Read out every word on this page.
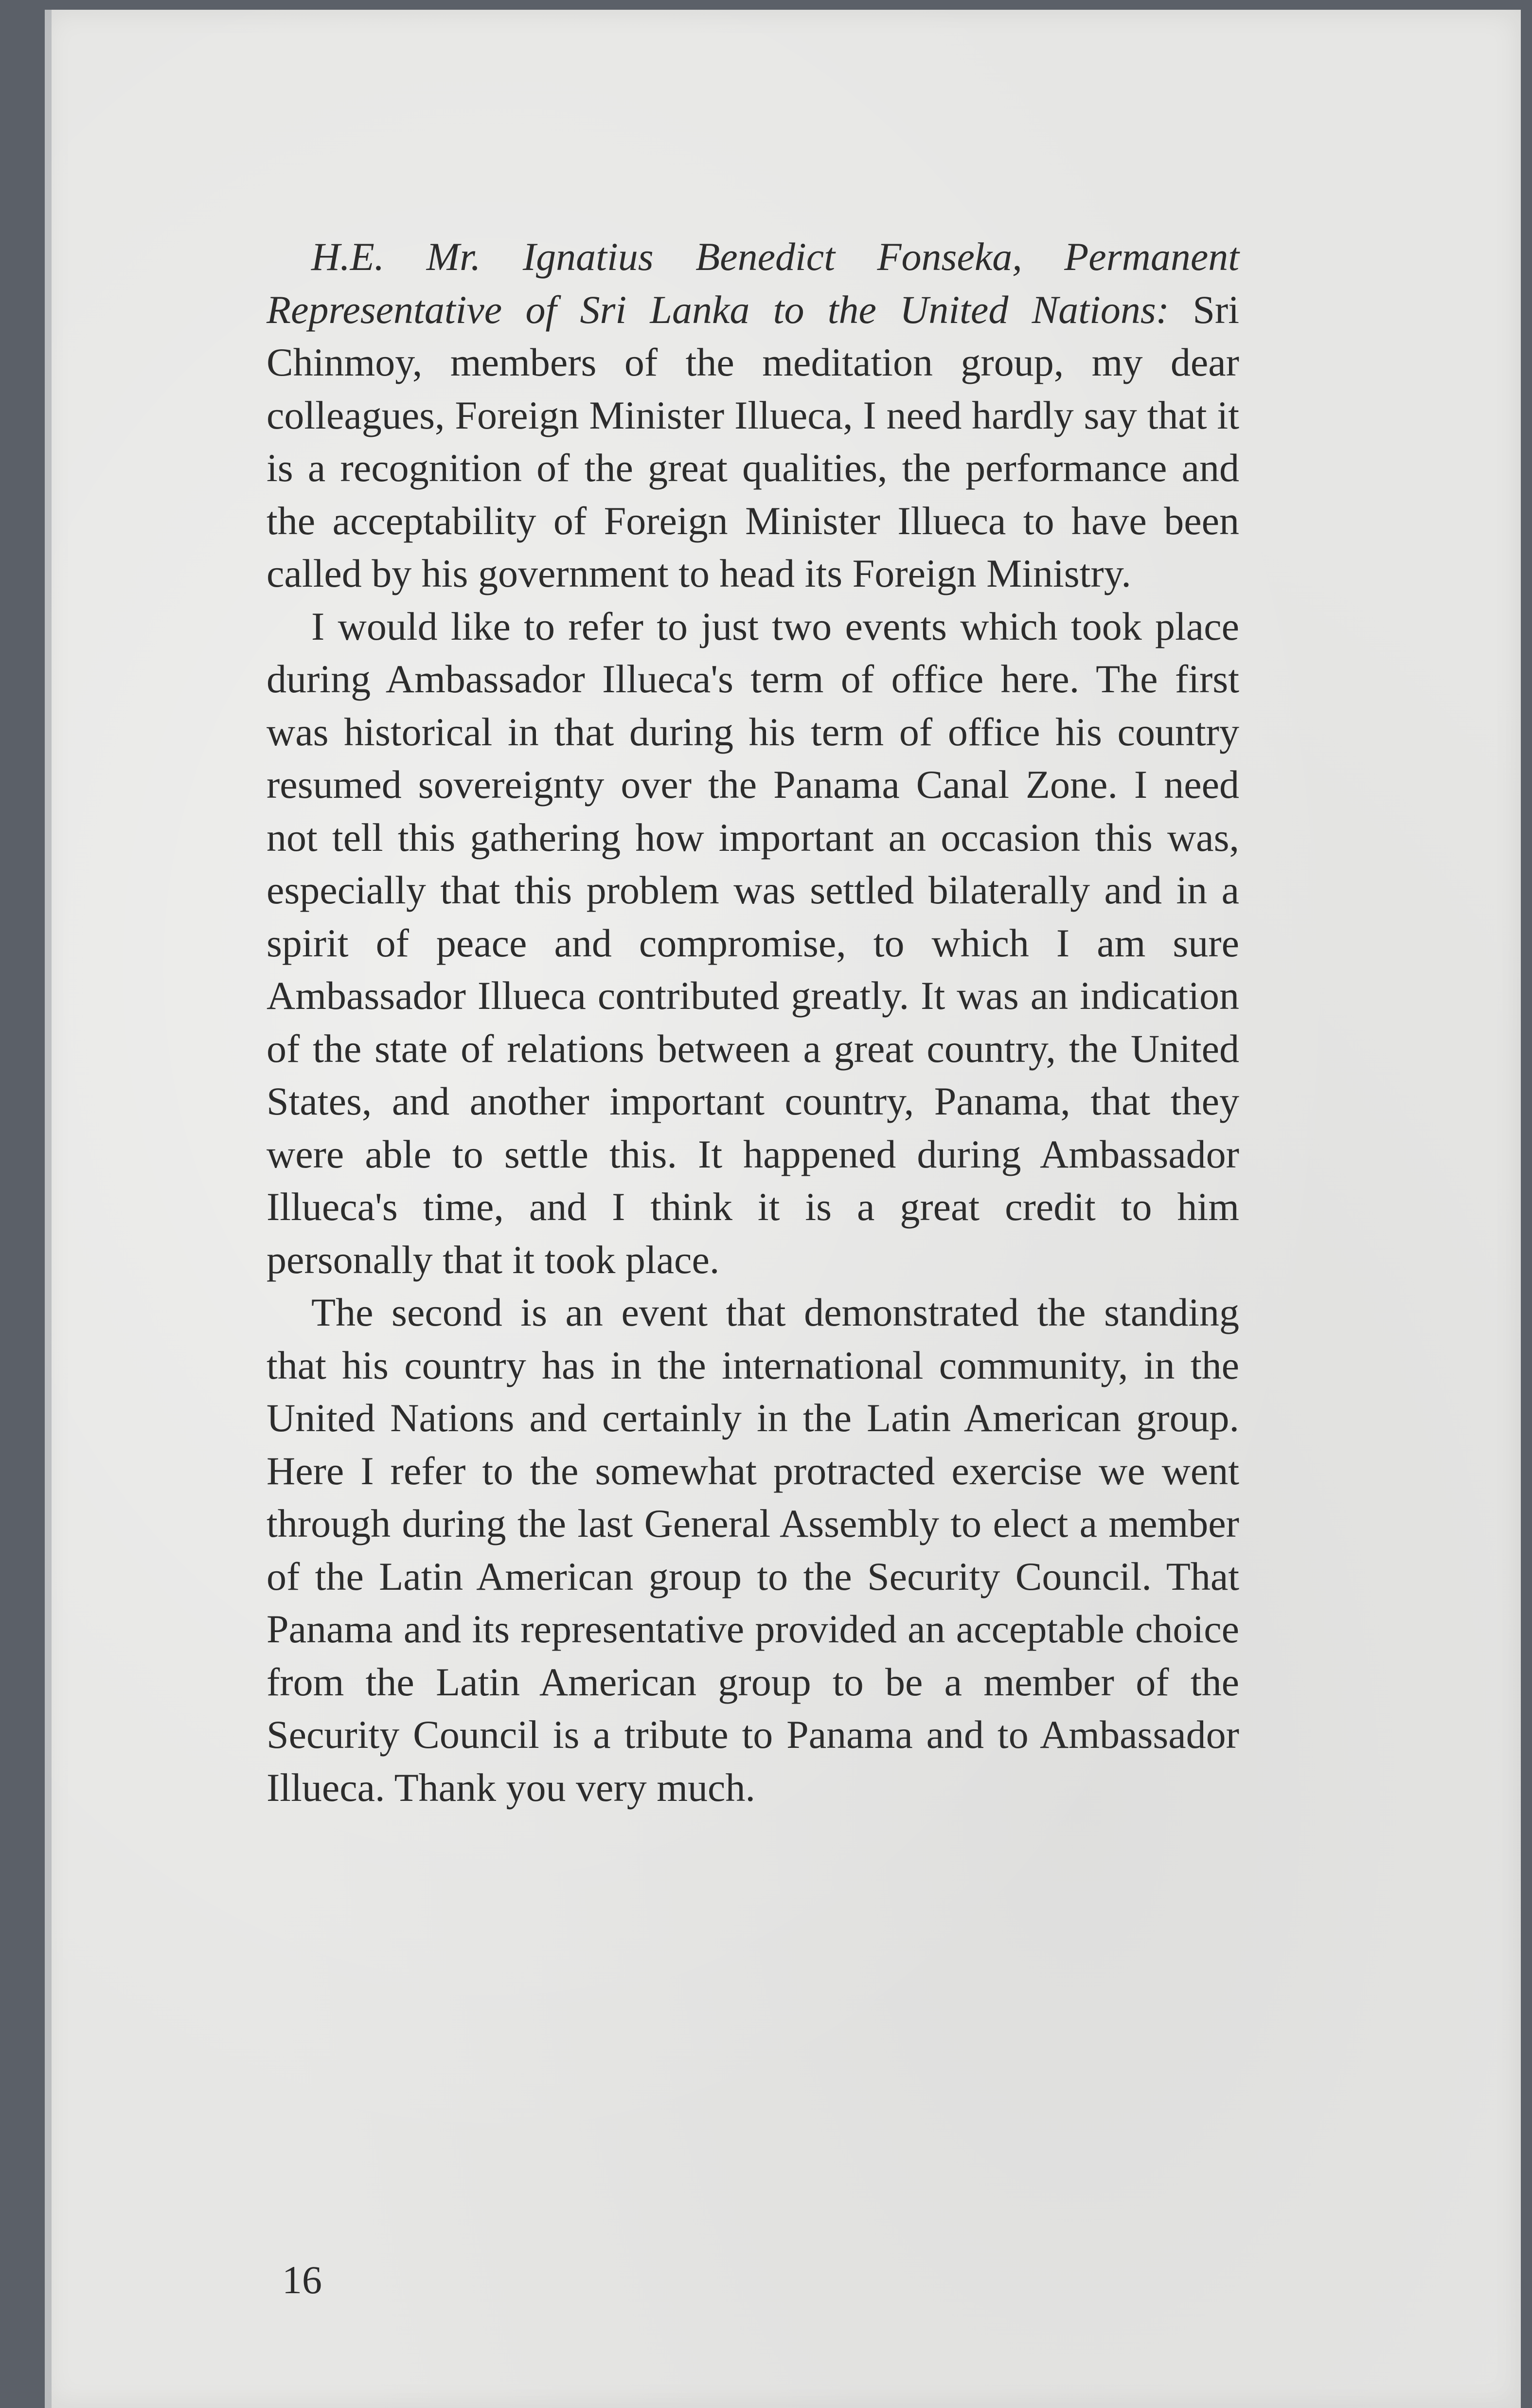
H.E. Mr. Ignatius Benedict Fonseka, Permanent Representative of Sri Lanka to the United Nations: Sri Chinmoy, members of the meditation group, my dear colleagues, Foreign Minister Illueca, I need hardly say that it is a recognition of the great qualities, the performance and the acceptability of Foreign Minister Illueca to have been called by his government to head its Foreign Ministry.

I would like to refer to just two events which took place during Ambassador Illueca's term of office here. The first was historical in that during his term of office his country resumed sovereignty over the Panama Canal Zone. I need not tell this gathering how important an occasion this was, especially that this problem was settled bilaterally and in a spirit of peace and compromise, to which I am sure Ambassador Illueca contributed greatly. It was an indication of the state of relations between a great country, the United States, and another important country, Panama, that they were able to settle this. It happened during Ambassador Illueca's time, and I think it is a great credit to him personally that it took place.

The second is an event that demonstrated the standing that his country has in the international community, in the United Nations and certainly in the Latin American group. Here I refer to the somewhat protracted exercise we went through during the last General Assembly to elect a member of the Latin American group to the Security Council. That Panama and its representative provided an acceptable choice from the Latin American group to be a member of the Security Council is a tribute to Panama and to Ambassador Illueca. Thank you very much.

16
